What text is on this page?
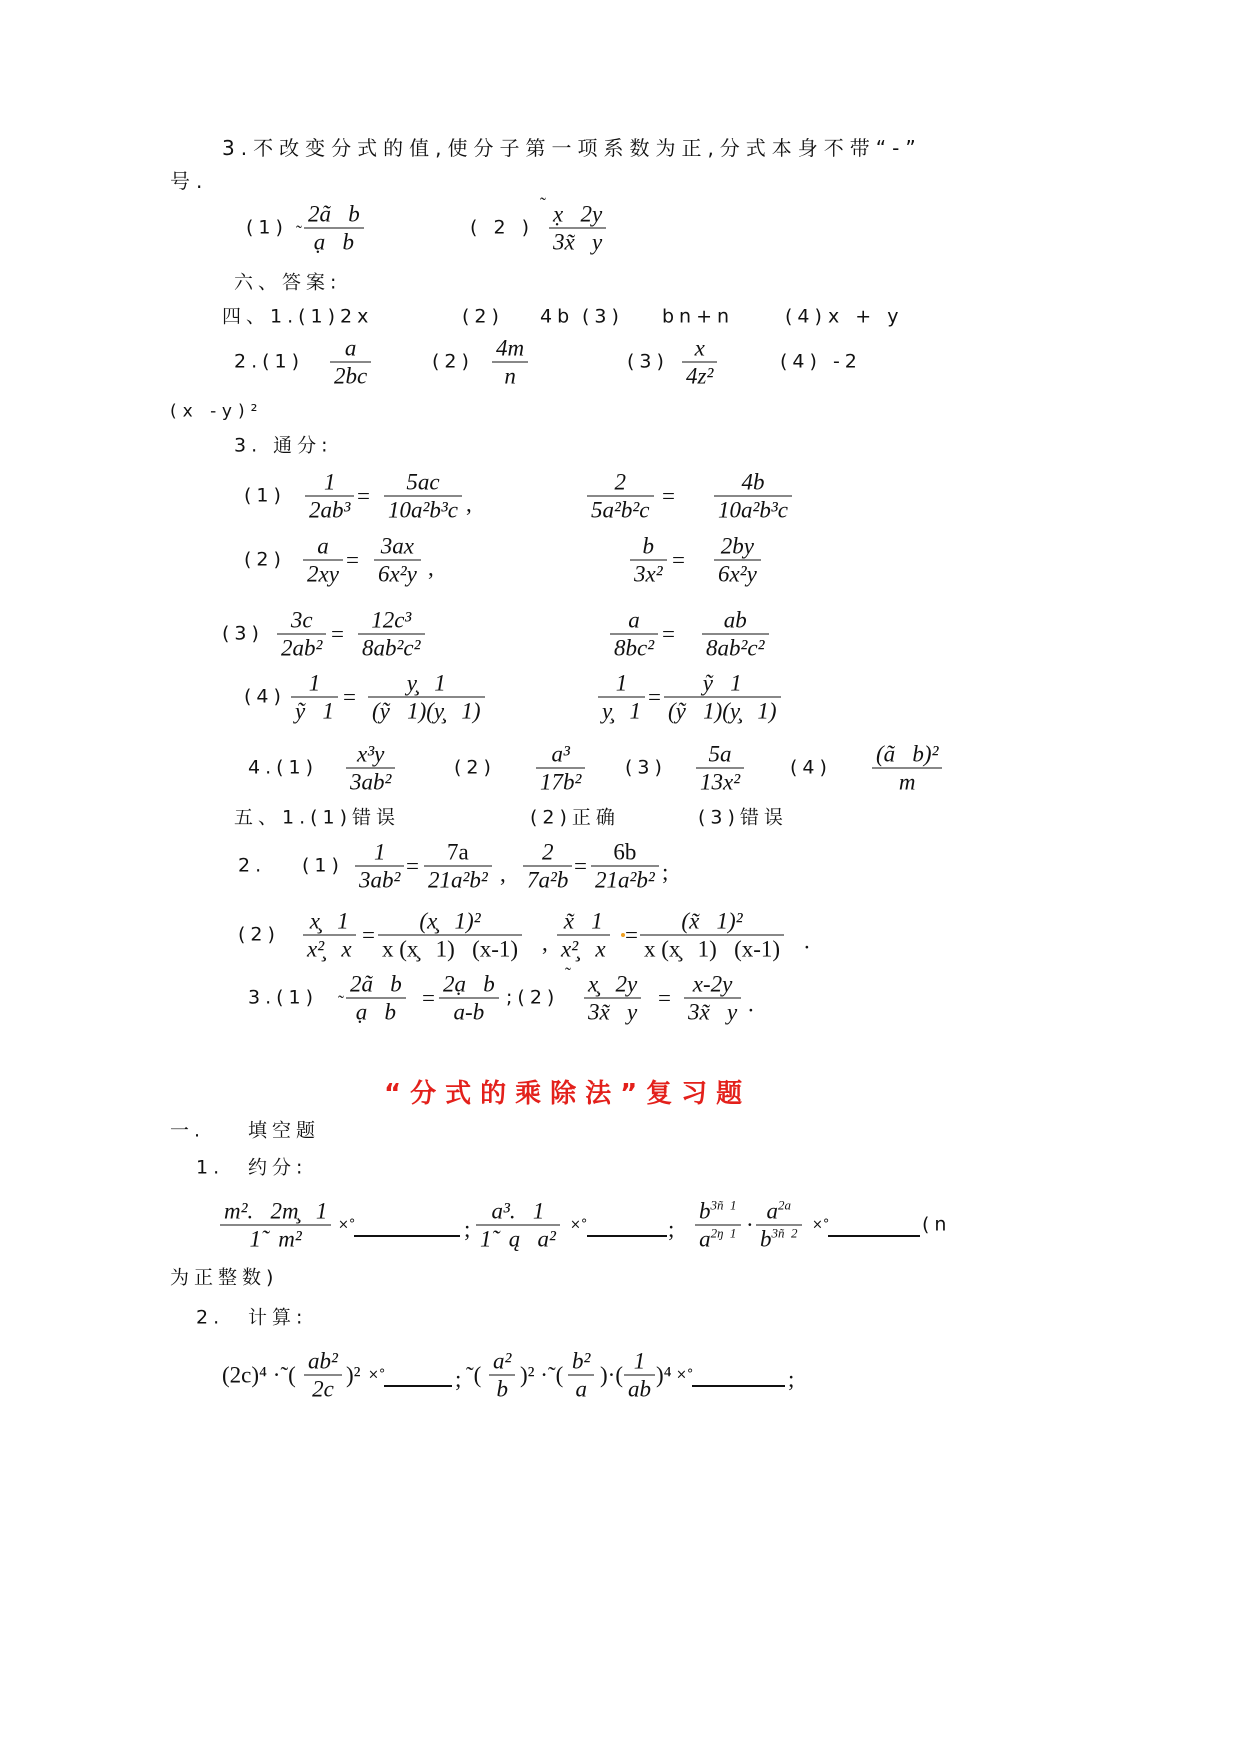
3.不改变分式的值,使分子第一项系数为正,分式本身不带“-”
号.
(1) ˜ $\frac{\text{2ã   b}}{\text{ạ   b}}$	( 2 )
˜ $\frac{x̣ 2y}{3x̃ y}$
六、答案:
四、1.(1)2x	(2) 4b (3) bn+n	(4) x + y
$2.(1) \frac{a}{2bc}$	$(2) \frac{4m}{n}$	$(3) \frac{x}{\text{4z²}}$	(4) -2
(x -y)²
3. 通分:
$(1) \frac{1}{\text{2ab³}} = \frac{5ac}{\text{10a²b³c}}$ ,	$\frac{2}{\text{5a²b²c}} = \frac{4b}{\text{10a²b³c}}$
$(2) \frac{a}{2xy} = \frac{3ax}{\text{6x²y}}$ ,	$\frac{b}{\text{3x²}} = \frac{2by}{\text{6x²y}}$
$(3) \frac{3c}{\text{2ab²}} = \frac{\text{12c³}}{\text{8ab²c²}}$	$\frac{a}{\text{8bc²}} = \frac{ab}{\text{8ab²c²}}$
$(4) \frac{1}{\text{ỹ   1}} = \frac{y̧ 1}{\text{(ỹ   1)(y̧   1)}}$	$\frac{1}{y̧ 1} = \frac{\text{ỹ   1}}{\text{(ỹ   1)(y̧   1)}}$
$4.(1) \frac{\text{x³y}}{\text{3ab²}}$	$(2) \frac{\text{a³}}{\text{17b²}} (3) \frac{5a}{\text{13x²}} (4) \frac{\text{(ã   b)²}}{m}$
五、1.(1)错误	(2)正确	(3)错误
2. $(1) \frac{1}{\text{3ab²}} = \frac{7a}{\text{21a²b²}}$ , $\frac{2}{\text{7a²b}} = \frac{6b}{\text{21a²b²}}$ ;
$(2) \frac{x̧ 1}{\text{x²̧   x}} = \frac{\text{(x̧   1)²}}{x (x̧ 1) (x-1)}$ , $\frac{x̃ 1}{\text{x²̧   x}} = \frac{\text{(x̃   1)²}}{x (x̧ 1) (x-1)}$ .
3.(1) ˜ $\frac{\text{2ã   b}}{\text{ạ   b}} = \frac{\text{2ạ   b}}{a-b}$ ;(2)
˜ $\frac{x̧ 2y}{3x̃ y} = \frac{x-2y}{3x̃ y}$ .
“分式的乘除法”复习题
一. 填空题
1. 约分:
$\frac{\text{m².   2m̧   1}}{\text{1̃   m²}}$ ×°	; $\frac{\text{a³.   1}}{\text{1̃   ą   a²}}$ ×°	; $\frac{b^{3ñ 1}}{a^{2ŋ 1}} \cdot \frac{a^{2a}}{b^{3ñ 2}}$ ×°	(n
为正整数)
2. 计算:
(2c)⁴ ·˜( $\frac{\text{ab²}}{2c} )^2$ ×°	; ˜( $\frac{\text{a²}}{b} )^2$ ·˜( $\frac{\text{b²}}{a}$ )·( $\frac{1}{ab} )^4$ ×°	;
